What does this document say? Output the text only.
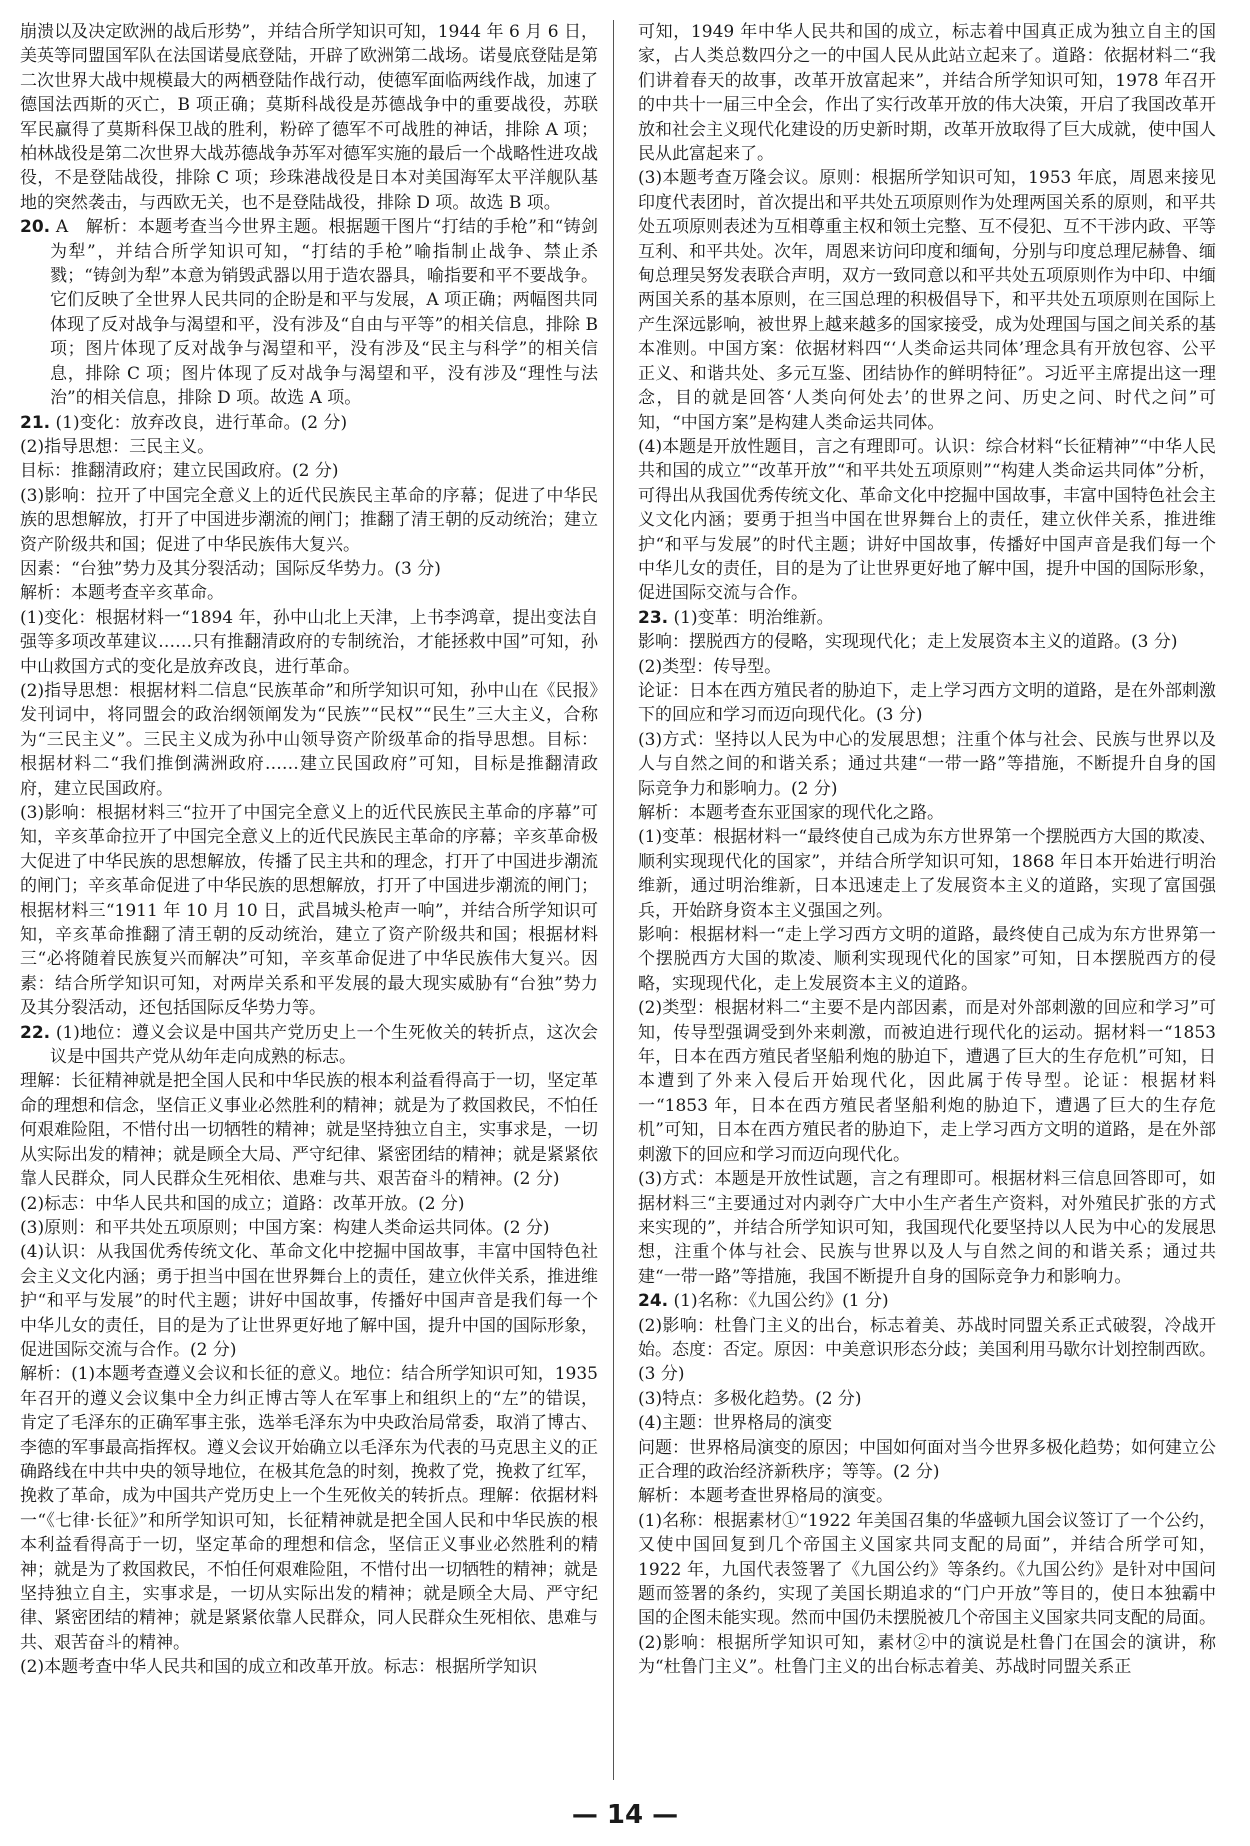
崩溃以及决定欧洲的战后形势”，并结合所学知识可知，1944 年 6 月 6 日，美英等同盟国军队在法国诺曼底登陆，开辟了欧洲第二战场。诺曼底登陆是第二次世界大战中规模最大的两栖登陆作战行动，使德军面临两线作战，加速了德国法西斯的灭亡，B 项正确；莫斯科战役是苏德战争中的重要战役，苏联军民赢得了莫斯科保卫战的胜利，粉碎了德军不可战胜的神话，排除 A 项；柏林战役是第二次世界大战苏德战争苏军对德军实施的最后一个战略性进攻战役，不是登陆战役，排除 C 项；珍珠港战役是日本对美国海军太平洋舰队基地的突然袭击，与西欧无关，也不是登陆战役，排除 D 项。故选 B 项。
20. A　解析：本题考查当今世界主题。根据题干图片“打结的手枪”和“铸剑为犁”，并结合所学知识可知，“打结的手枪”喻指制止战争、禁止杀戮；“铸剑为犁”本意为销毁武器以用于造农器具，喻指要和平不要战争。它们反映了全世界人民共同的企盼是和平与发展，A 项正确；两幅图共同体现了反对战争与渴望和平，没有涉及“自由与平等”的相关信息，排除 B 项；图片体现了反对战争与渴望和平，没有涉及“民主与科学”的相关信息，排除 C 项；图片体现了反对战争与渴望和平，没有涉及“理性与法治”的相关信息，排除 D 项。故选 A 项。
21. (1)变化：放弃改良，进行革命。(2 分)
(2)指导思想：三民主义。
目标：推翻清政府；建立民国政府。(2 分)
(3)影响：拉开了中国完全意义上的近代民族民主革命的序幕；促进了中华民族的思想解放，打开了中国进步潮流的闸门；推翻了清王朝的反动统治；建立资产阶级共和国；促进了中华民族伟大复兴。
因素：“台独”势力及其分裂活动；国际反华势力。(3 分)
解析：本题考查辛亥革命。
(1)变化：根据材料一“1894 年，孙中山北上天津，上书李鸿章，提出变法自强等多项改革建议……只有推翻清政府的专制统治，才能拯救中国”可知，孙中山救国方式的变化是放弃改良，进行革命。
(2)指导思想：根据材料二信息“民族革命”和所学知识可知，孙中山在《民报》发刊词中，将同盟会的政治纲领阐发为“民族”“民权”“民生”三大主义，合称为“三民主义”。三民主义成为孙中山领导资产阶级革命的指导思想。目标：根据材料二“我们推倒满洲政府……建立民国政府”可知，目标是推翻清政府，建立民国政府。
(3)影响：根据材料三“拉开了中国完全意义上的近代民族民主革命的序幕”可知，辛亥革命拉开了中国完全意义上的近代民族民主革命的序幕；辛亥革命极大促进了中华民族的思想解放，传播了民主共和的理念，打开了中国进步潮流的闸门；辛亥革命促进了中华民族的思想解放，打开了中国进步潮流的闸门；根据材料三“1911 年 10 月 10 日，武昌城头枪声一响”，并结合所学知识可知，辛亥革命推翻了清王朝的反动统治，建立了资产阶级共和国；根据材料三“必将随着民族复兴而解决”可知，辛亥革命促进了中华民族伟大复兴。因素：结合所学知识可知，对两岸关系和平发展的最大现实威胁有“台独”势力及其分裂活动，还包括国际反华势力等。
22. (1)地位：遵义会议是中国共产党历史上一个生死攸关的转折点，这次会议是中国共产党从幼年走向成熟的标志。
理解：长征精神就是把全国人民和中华民族的根本利益看得高于一切，坚定革命的理想和信念，坚信正义事业必然胜利的精神；就是为了救国救民，不怕任何艰难险阻，不惜付出一切牺牲的精神；就是坚持独立自主，实事求是，一切从实际出发的精神；就是顾全大局、严守纪律、紧密团结的精神；就是紧紧依靠人民群众，同人民群众生死相依、患难与共、艰苦奋斗的精神。(2 分)
(2)标志：中华人民共和国的成立；道路：改革开放。(2 分)
(3)原则：和平共处五项原则；中国方案：构建人类命运共同体。(2 分)
(4)认识：从我国优秀传统文化、革命文化中挖掘中国故事，丰富中国特色社会主义文化内涵；勇于担当中国在世界舞台上的责任，建立伙伴关系，推进维护“和平与发展”的时代主题；讲好中国故事，传播好中国声音是我们每一个中华儿女的责任，目的是为了让世界更好地了解中国，提升中国的国际形象，促进国际交流与合作。(2 分)
解析：(1)本题考查遵义会议和长征的意义。地位：结合所学知识可知，1935 年召开的遵义会议集中全力纠正博古等人在军事上和组织上的“左”的错误，肯定了毛泽东的正确军事主张，选举毛泽东为中央政治局常委，取消了博古、李德的军事最高指挥权。遵义会议开始确立以毛泽东为代表的马克思主义的正确路线在中共中央的领导地位，在极其危急的时刻，挽救了党，挽救了红军，挽救了革命，成为中国共产党历史上一个生死攸关的转折点。理解：依据材料一“《七律·长征》”和所学知识可知，长征精神就是把全国人民和中华民族的根本利益看得高于一切，坚定革命的理想和信念，坚信正义事业必然胜利的精神；就是为了救国救民，不怕任何艰难险阻，不惜付出一切牺牲的精神；就是坚持独立自主，实事求是，一切从实际出发的精神；就是顾全大局、严守纪律、紧密团结的精神；就是紧紧依靠人民群众，同人民群众生死相依、患难与共、艰苦奋斗的精神。
(2)本题考查中华人民共和国的成立和改革开放。标志：根据所学知识
可知，1949 年中华人民共和国的成立，标志着中国真正成为独立自主的国家，占人类总数四分之一的中国人民从此站立起来了。道路：依据材料二“我们讲着春天的故事，改革开放富起来”，并结合所学知识可知，1978 年召开的中共十一届三中全会，作出了实行改革开放的伟大决策，开启了我国改革开放和社会主义现代化建设的历史新时期，改革开放取得了巨大成就，使中国人民从此富起来了。
(3)本题考查万隆会议。原则：根据所学知识可知，1953 年底，周恩来接见印度代表团时，首次提出和平共处五项原则作为处理两国关系的原则，和平共处五项原则表述为互相尊重主权和领土完整、互不侵犯、互不干涉内政、平等互利、和平共处。次年，周恩来访问印度和缅甸，分别与印度总理尼赫鲁、缅甸总理吴努发表联合声明，双方一致同意以和平共处五项原则作为中印、中缅两国关系的基本原则，在三国总理的积极倡导下，和平共处五项原则在国际上产生深远影响，被世界上越来越多的国家接受，成为处理国与国之间关系的基本准则。中国方案：依据材料四“‘人类命运共同体’理念具有开放包容、公平正义、和谐共处、多元互鉴、团结协作的鲜明特征”。习近平主席提出这一理念，目的就是回答‘人类向何处去’的世界之问、历史之问、时代之问”可知，“中国方案”是构建人类命运共同体。
(4)本题是开放性题目，言之有理即可。认识：综合材料“长征精神”“中华人民共和国的成立”“改革开放”“和平共处五项原则”“构建人类命运共同体”分析，可得出从我国优秀传统文化、革命文化中挖掘中国故事，丰富中国特色社会主义文化内涵；要勇于担当中国在世界舞台上的责任，建立伙伴关系，推进维护“和平与发展”的时代主题；讲好中国故事，传播好中国声音是我们每一个中华儿女的责任，目的是为了让世界更好地了解中国，提升中国的国际形象，促进国际交流与合作。
23. (1)变革：明治维新。
影响：摆脱西方的侵略，实现现代化；走上发展资本主义的道路。(3 分)
(2)类型：传导型。
论证：日本在西方殖民者的胁迫下，走上学习西方文明的道路，是在外部刺激下的回应和学习而迈向现代化。(3 分)
(3)方式：坚持以人民为中心的发展思想；注重个体与社会、民族与世界以及人与自然之间的和谐关系；通过共建“一带一路”等措施，不断提升自身的国际竞争力和影响力。(2 分)
解析：本题考查东亚国家的现代化之路。
(1)变革：根据材料一“最终使自己成为东方世界第一个摆脱西方大国的欺凌、顺利实现现代化的国家”，并结合所学知识可知，1868 年日本开始进行明治维新，通过明治维新，日本迅速走上了发展资本主义的道路，实现了富国强兵，开始跻身资本主义强国之列。
影响：根据材料一“走上学习西方文明的道路，最终使自己成为东方世界第一个摆脱西方大国的欺凌、顺利实现现代化的国家”可知，日本摆脱西方的侵略，实现现代化，走上发展资本主义的道路。
(2)类型：根据材料二“主要不是内部因素，而是对外部刺激的回应和学习”可知，传导型强调受到外来刺激，而被迫进行现代化的运动。据材料一“1853 年，日本在西方殖民者坚船利炮的胁迫下，遭遇了巨大的生存危机”可知，日本遭到了外来入侵后开始现代化，因此属于传导型。论证：根据材料一“1853 年，日本在西方殖民者坚船利炮的胁迫下，遭遇了巨大的生存危机”可知，日本在西方殖民者的胁迫下，走上学习西方文明的道路，是在外部刺激下的回应和学习而迈向现代化。
(3)方式：本题是开放性试题，言之有理即可。根据材料三信息回答即可，如据材料三“主要通过对内剥夺广大中小生产者生产资料，对外殖民扩张的方式来实现的”，并结合所学知识可知，我国现代化要坚持以人民为中心的发展思想，注重个体与社会、民族与世界以及人与自然之间的和谐关系；通过共建“一带一路”等措施，我国不断提升自身的国际竞争力和影响力。
24. (1)名称：《九国公约》(1 分)
(2)影响：杜鲁门主义的出台，标志着美、苏战时同盟关系正式破裂，冷战开始。态度：否定。原因：中美意识形态分歧；美国利用马歇尔计划控制西欧。(3 分)
(3)特点：多极化趋势。(2 分)
(4)主题：世界格局的演变
问题：世界格局演变的原因；中国如何面对当今世界多极化趋势；如何建立公正合理的政治经济新秩序；等等。(2 分)
解析：本题考查世界格局的演变。
(1)名称：根据素材①“1922 年美国召集的华盛顿九国会议签订了一个公约，又使中国回复到几个帝国主义国家共同支配的局面”，并结合所学可知，1922 年，九国代表签署了《九国公约》等条约。《九国公约》是针对中国问题而签署的条约，实现了美国长期追求的“门户开放”等目的，使日本独霸中国的企图未能实现。然而中国仍未摆脱被几个帝国主义国家共同支配的局面。
(2)影响：根据所学知识可知，素材②中的演说是杜鲁门在国会的演讲，称为“杜鲁门主义”。杜鲁门主义的出台标志着美、苏战时同盟关系正
— 14 —
